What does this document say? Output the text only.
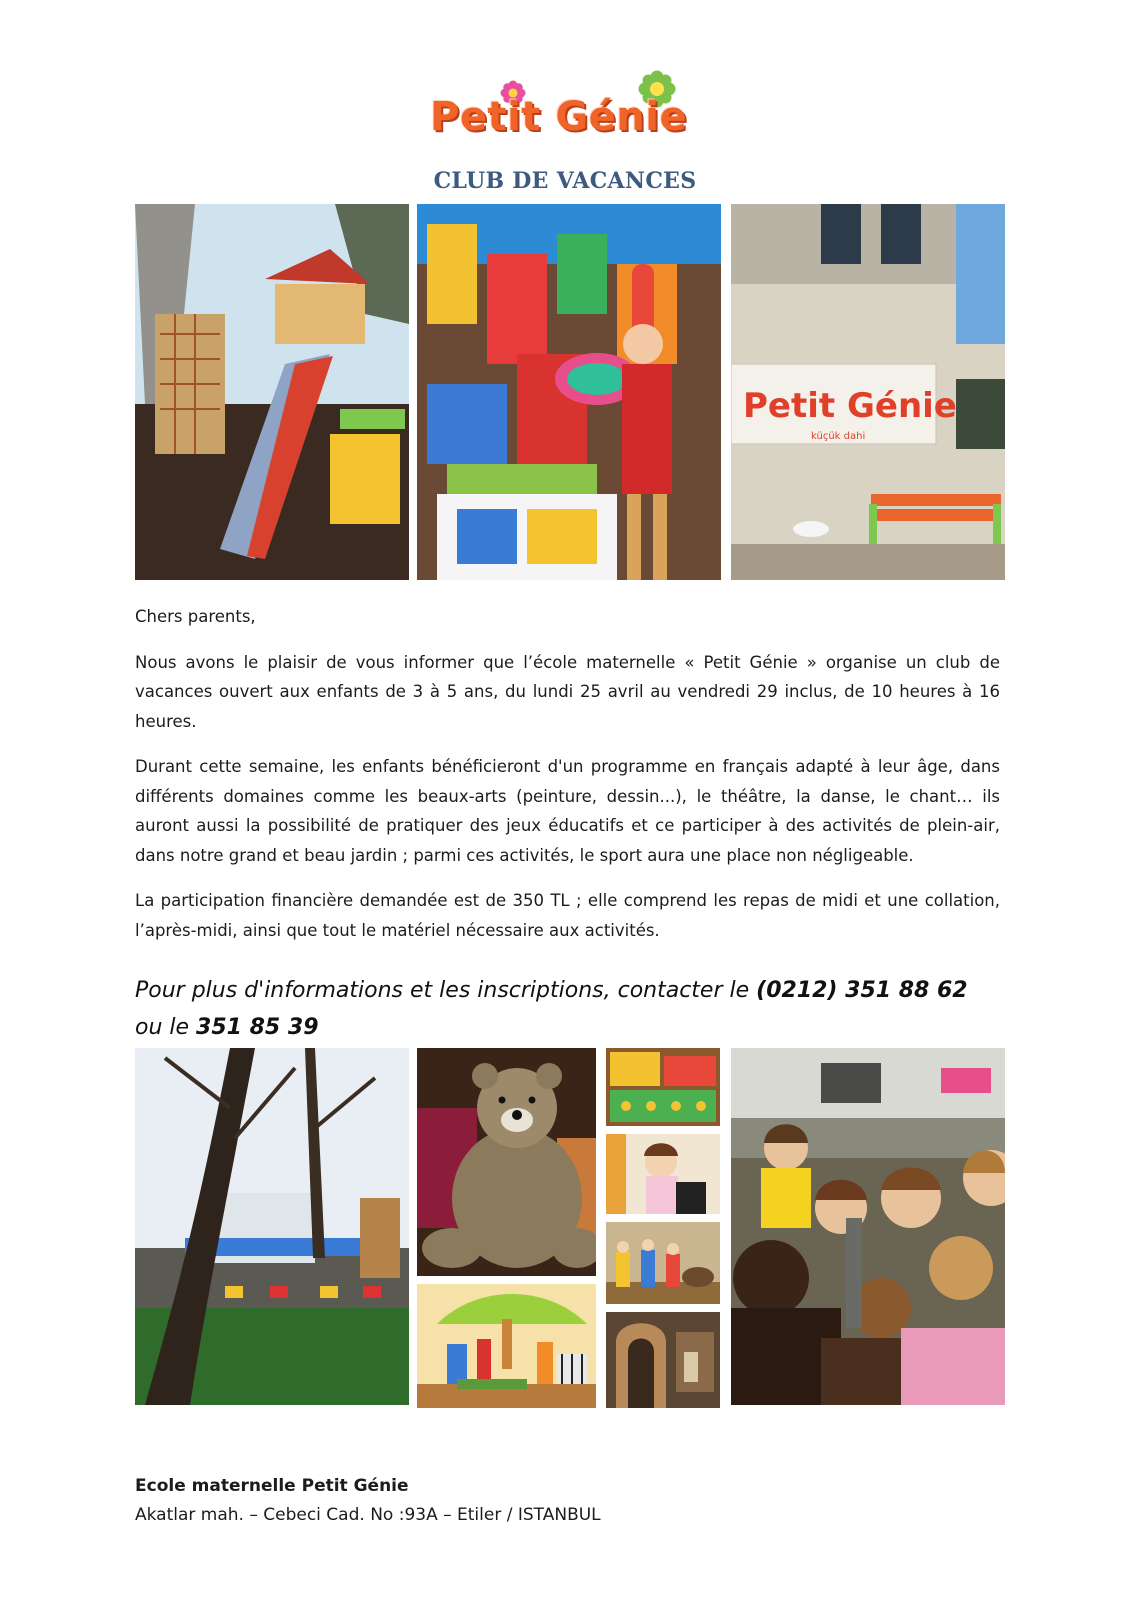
Petit Génie
CLUB DE VACANCES
Petit Génie
küçük dahi

Chers parents,

Nous avons le plaisir de vous informer que l’école maternelle « Petit Génie » organise un club de vacances ouvert aux enfants de 3 à 5 ans, du lundi 25 avril au vendredi 29 inclus, de 10 heures à 16 heures.

Durant cette semaine, les enfants bénéficieront d'un programme en français adapté à leur âge, dans différents domaines comme les beaux-arts (peinture, dessin...), le théâtre, la danse, le chant… ils auront aussi la possibilité de pratiquer des jeux éducatifs et ce participer à des activités de plein-air, dans notre grand et beau jardin ; parmi ces activités, le sport aura une place non négligeable.

La participation financière demandée est de 350 TL ; elle comprend les repas de midi et une collation, l’après-midi, ainsi que tout le matériel nécessaire aux activités.

Pour plus d'informations et les inscriptions, contacter le (0212) 351 88 62
ou le 351 85 39
Ecole maternelle Petit Génie
Akatlar mah. – Cebeci Cad. No :93A – Etiler / ISTANBUL
